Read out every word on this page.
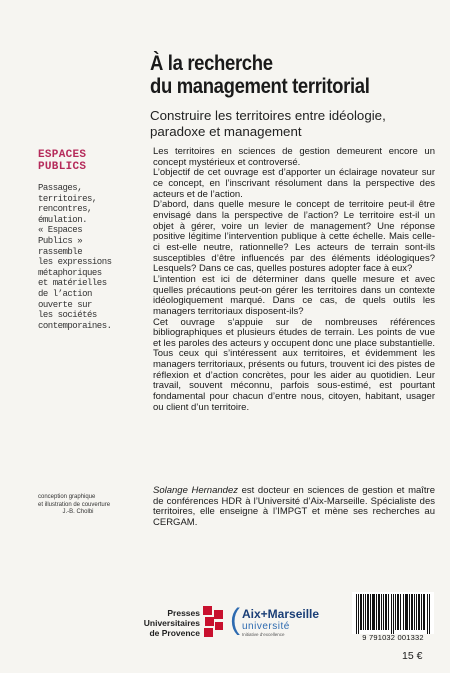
À la recherche
du management territorial
Construire les territoires entre idéologie,
paradoxe et management
ESPACES
PUBLICS
Passages,
territoires,
rencontres,
émulation.
« Espaces
Publics »
rassemble
les expressions
métaphoriques
et matérielles
de l’action
ouverte sur
les sociétés
contemporaines.

Les territoires en sciences de gestion demeurent encore un concept mystérieux et controversé.

L’objectif de cet ouvrage est d’apporter un éclairage novateur sur ce concept, en l’inscrivant résolument dans la perspective des acteurs et de l’action.

D’abord, dans quelle mesure le concept de territoire peut-il être envisagé dans la perspective de l’action? Le territoire est-il un objet à gérer, voire un levier de management? Une réponse positive légitime l’intervention publique à cette échelle. Mais celle-ci est-elle neutre, rationnelle? Les acteurs de terrain sont-ils susceptibles d’être influencés par des éléments idéologiques? Lesquels? Dans ce cas, quelles postures adopter face à eux?

L’intention est ici de déterminer dans quelle mesure et avec quelles précautions peut-on gérer les territoires dans un contexte idéologiquement marqué. Dans ce cas, de quels outils les managers territoriaux disposent-ils?

Cet ouvrage s’appuie sur de nombreuses références bibliographiques et plusieurs études de terrain. Les points de vue et les paroles des acteurs y occupent donc une place substantielle.

Tous ceux qui s’intéressent aux territoires, et évidemment les managers territoriaux, présents ou futurs, trouvent ici des pistes de réflexion et d’action concrètes, pour les aider au quotidien. Leur travail, souvent méconnu, parfois sous-estimé, est pourtant fondamental pour chacun d’entre nous, citoyen, habitant, usager ou client d’un territoire.

conception graphique
et illustration de couverture
J.-B. Cholbi
Solange Hernandez est docteur en sciences de gestion et maître de conférences HDR à l’Université d’Aix-Marseille. Spécialiste des territoires, elle enseigne à l’IMPGT et mène ses recherches au CERGAM.
Presses
Universitaires
de Provence ( Aix+Marseille
université
Initiative d’excellence	9 791032 001332
15 €
